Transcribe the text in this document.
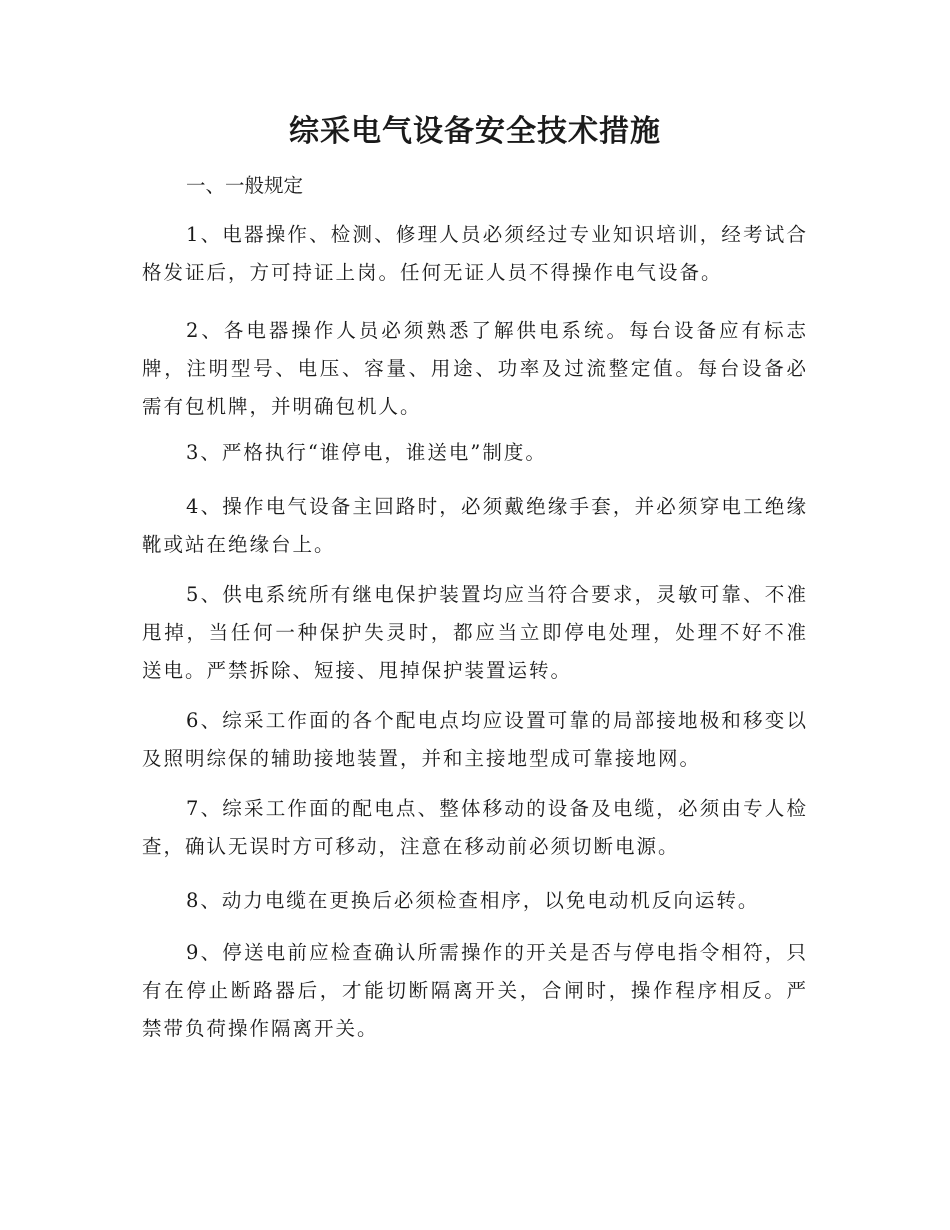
综采电气设备安全技术措施

一、一般规定

1、电器操作、检测、修理人员必须经过专业知识培训，经考试合格发证后，方可持证上岗。任何无证人员不得操作电气设备。

2、各电器操作人员必须熟悉了解供电系统。每台设备应有标志牌，注明型号、电压、容量、用途、功率及过流整定值。每台设备必需有包机牌，并明确包机人。

3、严格执行“谁停电，谁送电”制度。

4、操作电气设备主回路时，必须戴绝缘手套，并必须穿电工绝缘靴或站在绝缘台上。

5、供电系统所有继电保护装置均应当符合要求，灵敏可靠、不准甩掉，当任何一种保护失灵时，都应当立即停电处理，处理不好不准送电。严禁拆除、短接、甩掉保护装置运转。

6、综采工作面的各个配电点均应设置可靠的局部接地极和移变以及照明综保的辅助接地装置，并和主接地型成可靠接地网。

7、综采工作面的配电点、整体移动的设备及电缆，必须由专人检查，确认无误时方可移动，注意在移动前必须切断电源。

8、动力电缆在更换后必须检查相序，以免电动机反向运转。

9、停送电前应检查确认所需操作的开关是否与停电指令相符，只有在停止断路器后，才能切断隔离开关，合闸时，操作程序相反。严禁带负荷操作隔离开关。
